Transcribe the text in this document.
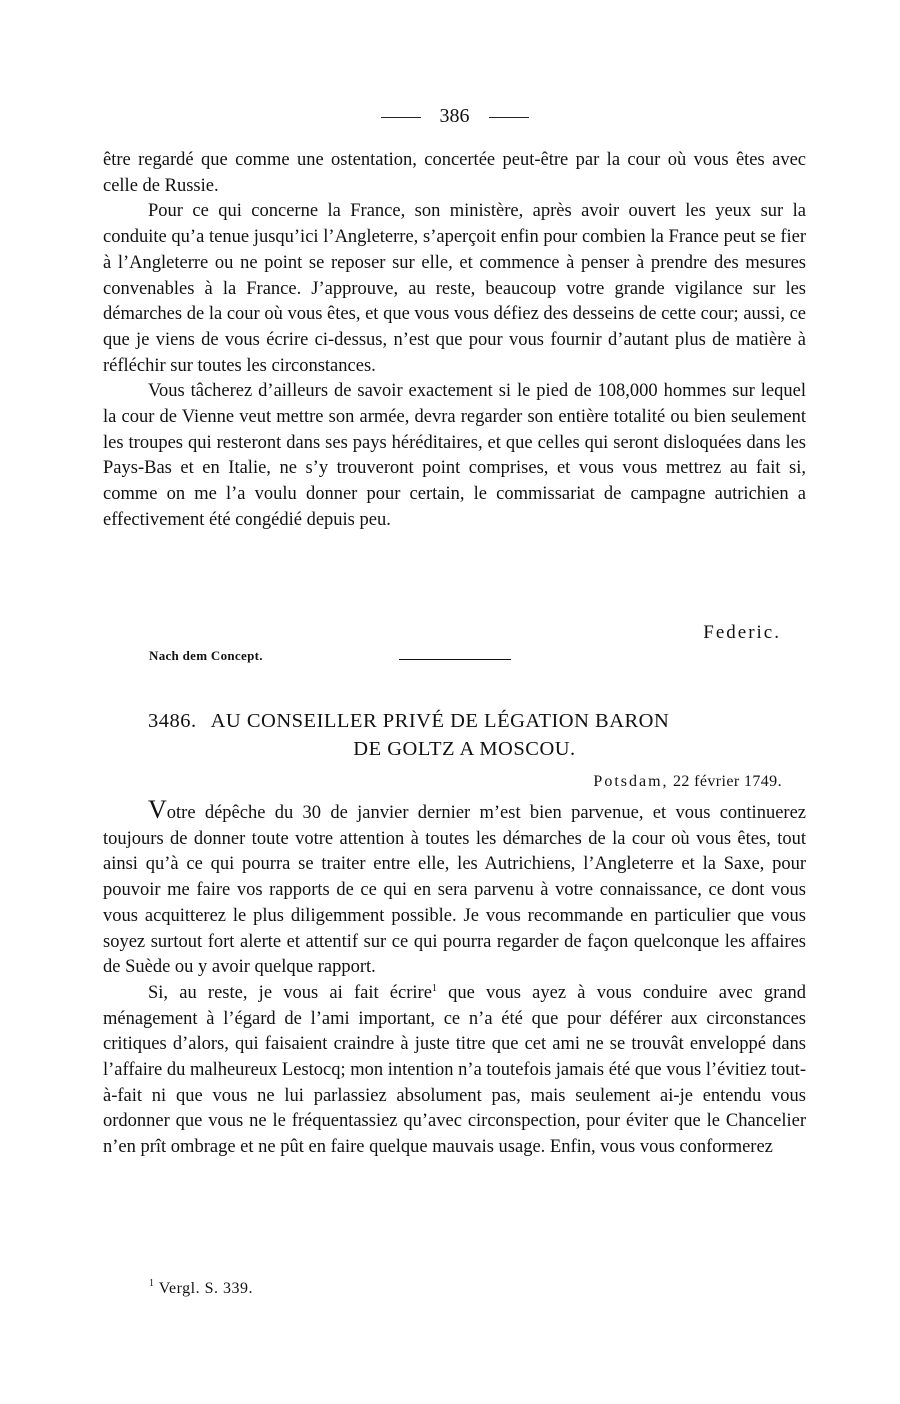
386

être regardé que comme une ostentation, concertée peut-être par la cour où vous êtes avec celle de Russie.

Pour ce qui concerne la France, son ministère, après avoir ouvert les yeux sur la conduite qu’a tenue jusqu’ici l’Angleterre, s’aperçoit enfin pour combien la France peut se fier à l’Angleterre ou ne point se reposer sur elle, et commence à penser à prendre des mesures convenables à la France. J’approuve, au reste, beaucoup votre grande vigilance sur les démarches de la cour où vous êtes, et que vous vous défiez des desseins de cette cour; aussi, ce que je viens de vous écrire ci-dessus, n’est que pour vous fournir d’autant plus de matière à réfléchir sur toutes les circonstances.

Vous tâcherez d’ailleurs de savoir exactement si le pied de 108,000 hommes sur lequel la cour de Vienne veut mettre son armée, devra regarder son entière totalité ou bien seulement les troupes qui resteront dans ses pays héréditaires, et que celles qui seront disloquées dans les Pays-Bas et en Italie, ne s’y trouveront point comprises, et vous vous mettrez au fait si, comme on me l’a voulu donner pour certain, le commissariat de campagne autrichien a effectivement été congédié depuis peu.

Federic.
Nach dem Concept.
3486. AU CONSEILLER PRIVÉ DE LÉGATION BARON
DE GOLTZ A MOSCOU.
Potsdam, 22 février 1749.

Votre dépêche du 30 de janvier dernier m’est bien parvenue, et vous continuerez toujours de donner toute votre attention à toutes les démarches de la cour où vous êtes, tout ainsi qu’à ce qui pourra se traiter entre elle, les Autrichiens, l’Angleterre et la Saxe, pour pouvoir me faire vos rapports de ce qui en sera parvenu à votre connaissance, ce dont vous vous acquitterez le plus diligemment possible. Je vous recommande en particulier que vous soyez surtout fort alerte et attentif sur ce qui pourra regarder de façon quelconque les affaires de Suède ou y avoir quelque rapport.

Si, au reste, je vous ai fait écrire$^1$ que vous ayez à vous conduire avec grand ménagement à l’égard de l’ami important, ce n’a été que pour déférer aux circonstances critiques d’alors, qui faisaient craindre à juste titre que cet ami ne se trouvât enveloppé dans l’affaire du malheureux Lestocq; mon intention n’a toutefois jamais été que vous l’évitiez tout-à-fait ni que vous ne lui parlassiez absolument pas, mais seulement ai-je entendu vous ordonner que vous ne le fréquentassiez qu’avec circonspection, pour éviter que le Chancelier n’en prît ombrage et ne pût en faire quelque mauvais usage. Enfin, vous vous conformerez

$^1$ Vergl. S. 339.
